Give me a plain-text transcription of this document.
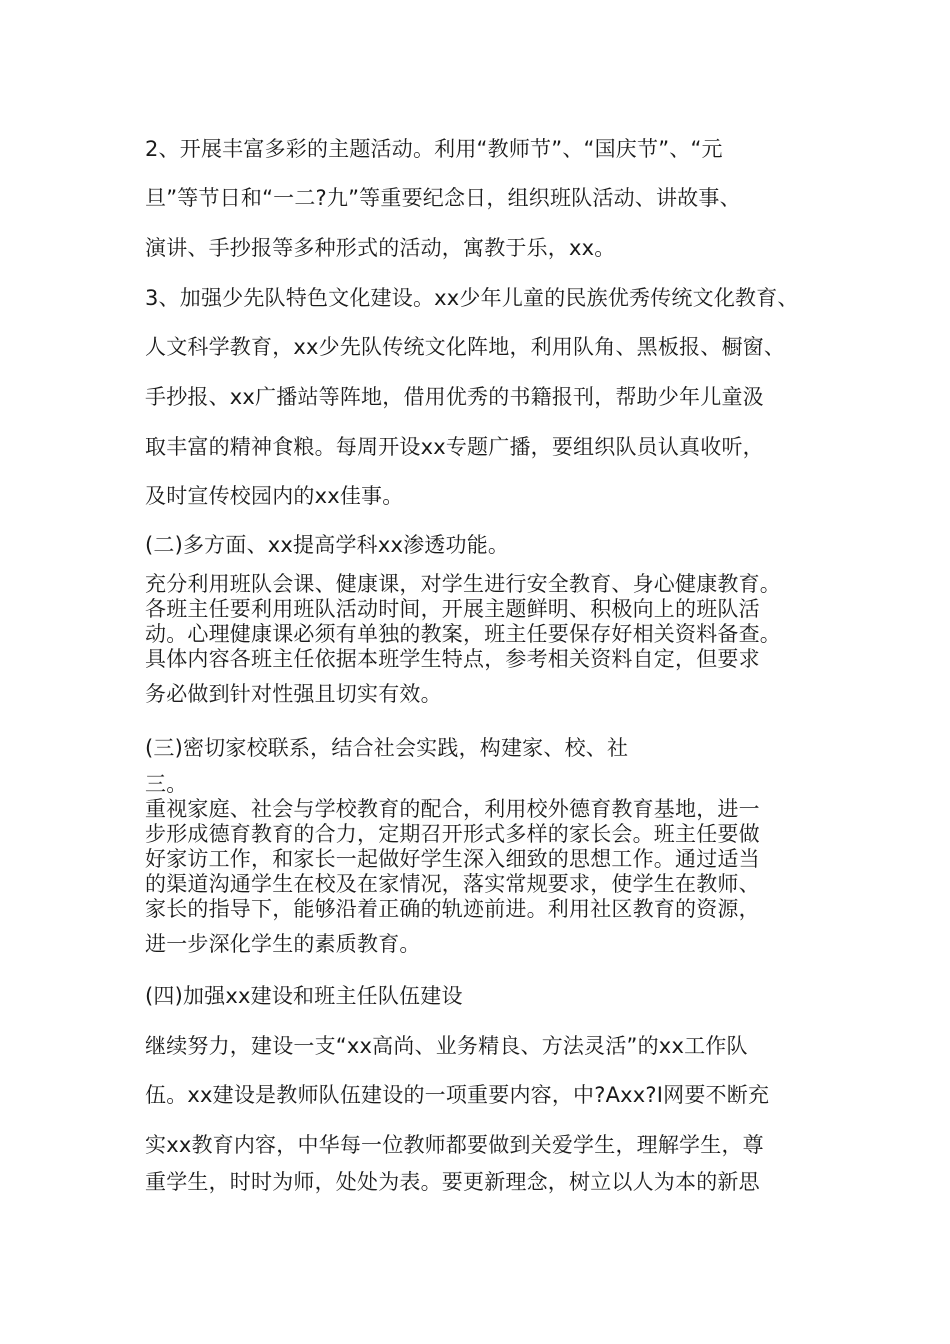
2、开展丰富多彩的主题活动。利用“教师节”、“国庆节”、“元
旦”等节日和“一二?九”等重要纪念日，组织班队活动、讲故事、
演讲、手抄报等多种形式的活动，寓教于乐，xx。
3、加强少先队特色文化建设。xx少年儿童的民族优秀传统文化教育、
人文科学教育，xx少先队传统文化阵地，利用队角、黑板报、橱窗、
手抄报、xx广播站等阵地，借用优秀的书籍报刊，帮助少年儿童汲
取丰富的精神食粮。每周开设xx专题广播，要组织队员认真收听，
及时宣传校园内的xx佳事。
(二)多方面、xx提高学科xx渗透功能。
充分利用班队会课、健康课，对学生进行安全教育、身心健康教育。
各班主任要利用班队活动时间，开展主题鲜明、积极向上的班队活
动。心理健康课必须有单独的教案，班主任要保存好相关资料备查。
具体内容各班主任依据本班学生特点，参考相关资料自定，但要求
务必做到针对性强且切实有效。
(三)密切家校联系，结合社会实践，构建家、校、社
三。
重视家庭、社会与学校教育的配合，利用校外德育教育基地，进一
步形成德育教育的合力，定期召开形式多样的家长会。班主任要做
好家访工作，和家长一起做好学生深入细致的思想工作。通过适当
的渠道沟通学生在校及在家情况，落实常规要求，使学生在教师、
家长的指导下，能够沿着正确的轨迹前进。利用社区教育的资源，
进一步深化学生的素质教育。
(四)加强xx建设和班主任队伍建设
继续努力，建设一支“xx高尚、业务精良、方法灵活”的xx工作队
伍。xx建设是教师队伍建设的一项重要内容，中?Axx?I网要不断充
实xx教育内容，中华每一位教师都要做到关爱学生，理解学生，尊
重学生，时时为师，处处为表。要更新理念，树立以人为本的新思
